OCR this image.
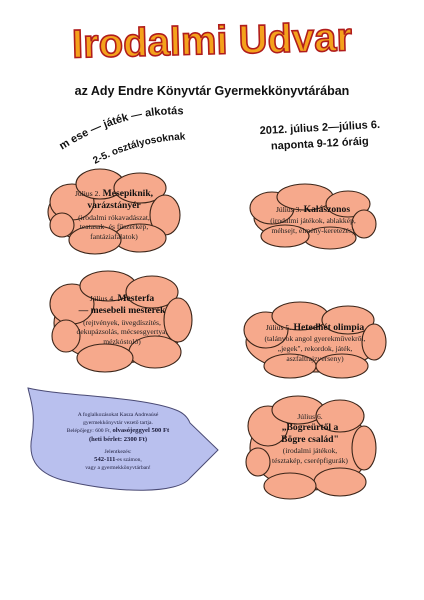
Irodalmi Udvar
az Ady Endre Könyvtár Gyermekkönyvtárában
m ese — játék — alkotás
2-5. osztályosoknak	2012. július 2—július 6.
naponta 9-12 óráig
Július 2. Mesepiknik,
varázstányér
(irodalmi rókavadászat,
teatasak- és fűszerkép,
fantáziafalatok)
Július 3. Kalászonos
(irodalmi játékok, ablakkép,
méhsejt, élmény-keretezés)
Július 4. Mesterfa
— mesebeli mesterek
(rejtvények, üvegdíszítés,
dekupázsolás, mécsesgyertya,
mézkóstoló)
Július 5. Hetedhét olimpia
(talányok angol gyerekművekről,
„jegek", rekordok, játék,
aszfaltrajzverseny)
Július 6.
„Bögreürtől a
Bögre család"
(irodalmi játékok,
tésztakép, cserépfigurák)
A foglalkozásokat Kasza Andreaúsé
gyermekkönyvtár vezető tartja.
Belépőjegy: 600 Ft, olvasójeggyel 500 Ft
(heti bérlet: 2300 Ft)
Jelentkezés:
542-111-es számon,
vagy a gyermekkönyvtárban!
